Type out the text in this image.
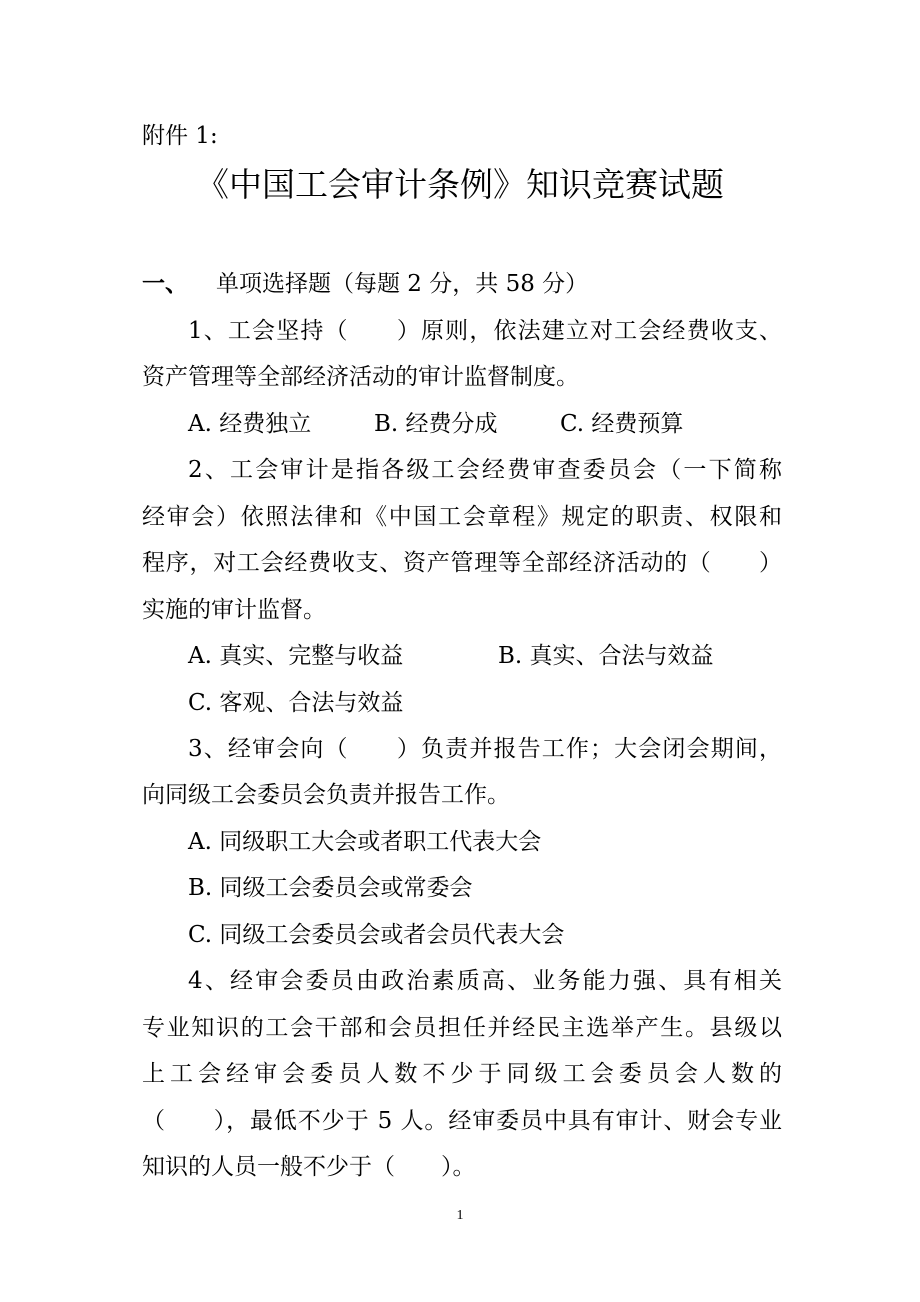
附件 1:
《中国工会审计条例》知识竞赛试题
一、 单项选择题（每题 2 分，共 58 分）
1、工会坚持（　　）原则，依法建立对工会经费收支、
资产管理等全部经济活动的审计监督制度。
A. 经费独立	B. 经费分成	C. 经费预算
2、工会审计是指各级工会经费审查委员会（一下简称
经审会）依照法律和《中国工会章程》规定的职责、权限和
程序，对工会经费收支、资产管理等全部经济活动的（　　）
实施的审计监督。
A. 真实、完整与收益	B. 真实、合法与效益
C. 客观、合法与效益
3、经审会向（　　）负责并报告工作；大会闭会期间，
向同级工会委员会负责并报告工作。
A. 同级职工大会或者职工代表大会
B. 同级工会委员会或常委会
C. 同级工会委员会或者会员代表大会
4、经审会委员由政治素质高、业务能力强、具有相关
专业知识的工会干部和会员担任并经民主选举产生。县级以
上工会经审会委员人数不少于同级工会委员会人数的
（　　），最低不少于 5 人。经审委员中具有审计、财会专业
知识的人员一般不少于（　　）。
1
